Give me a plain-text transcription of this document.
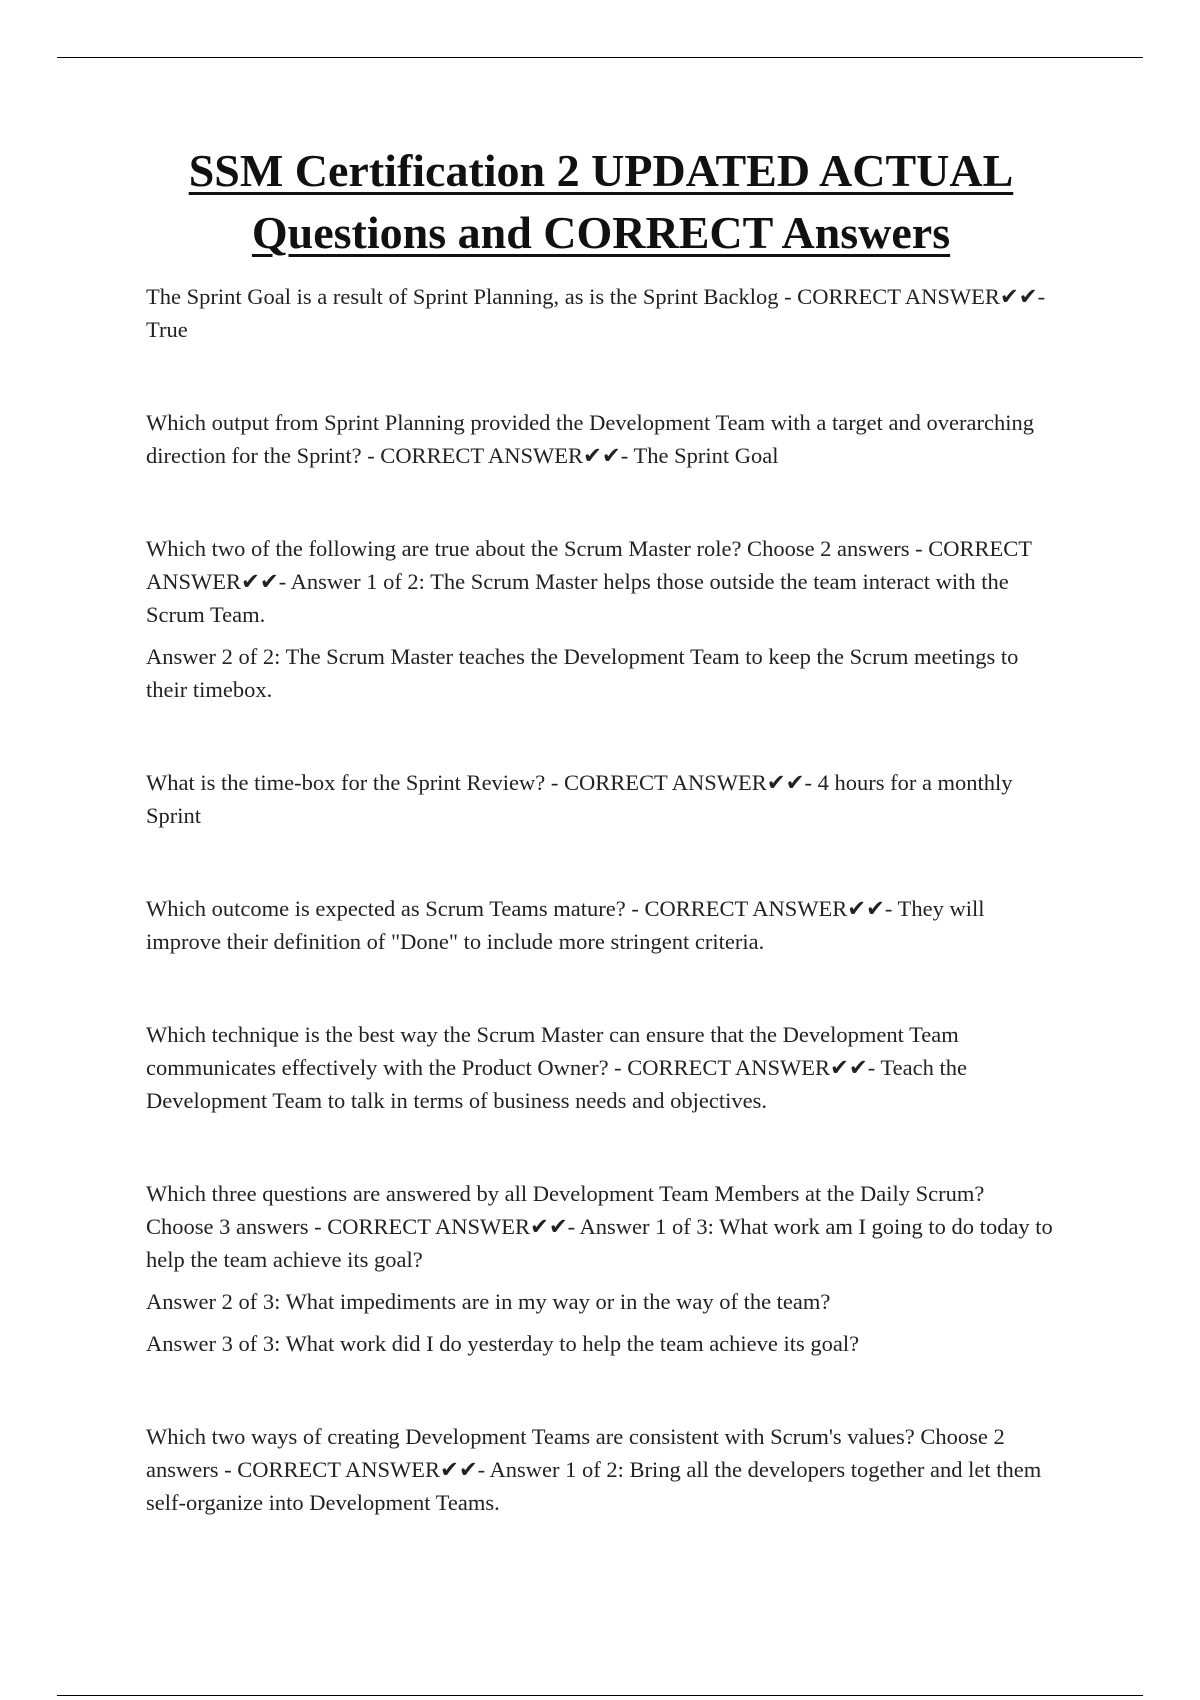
SSM Certification 2 UPDATED ACTUAL
Questions and CORRECT Answers

The Sprint Goal is a result of Sprint Planning, as is the Sprint Backlog - CORRECT ANSWER✔✔- True

Which output from Sprint Planning provided the Development Team with a target and overarching direction for the Sprint? - CORRECT ANSWER✔✔- The Sprint Goal

Which two of the following are true about the Scrum Master role? Choose 2 answers - CORRECT ANSWER✔✔- Answer 1 of 2: The Scrum Master helps those outside the team interact with the Scrum Team.

Answer 2 of 2: The Scrum Master teaches the Development Team to keep the Scrum meetings to their timebox.

What is the time-box for the Sprint Review? - CORRECT ANSWER✔✔- 4 hours for a monthly Sprint

Which outcome is expected as Scrum Teams mature? - CORRECT ANSWER✔✔- They will improve their definition of "Done" to include more stringent criteria.

Which technique is the best way the Scrum Master can ensure that the Development Team communicates effectively with the Product Owner? - CORRECT ANSWER✔✔- Teach the Development Team to talk in terms of business needs and objectives.

Which three questions are answered by all Development Team Members at the Daily Scrum? Choose 3 answers - CORRECT ANSWER✔✔- Answer 1 of 3: What work am I going to do today to help the team achieve its goal?

Answer 2 of 3: What impediments are in my way or in the way of the team?

Answer 3 of 3: What work did I do yesterday to help the team achieve its goal?

Which two ways of creating Development Teams are consistent with Scrum's values? Choose 2 answers - CORRECT ANSWER✔✔- Answer 1 of 2: Bring all the developers together and let them self-organize into Development Teams.
